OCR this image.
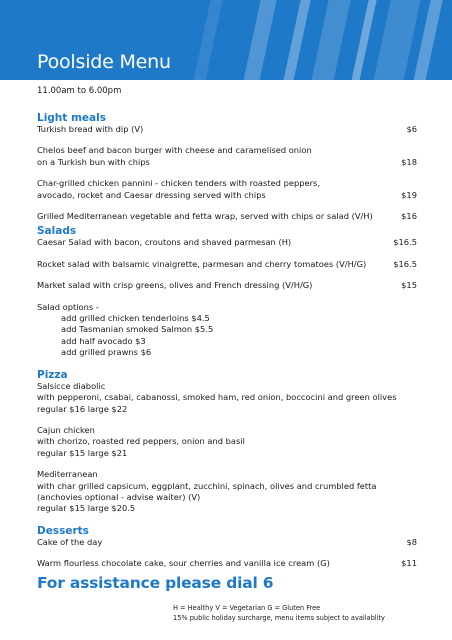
Poolside Menu
11.00am to 6.00pm
Light meals
Turkish bread with dip (V)	$6
Chelos beef and bacon burger with cheese and caramelised onion
on a Turkish bun with chips	$18
Char-grilled chicken pannini - chicken tenders with roasted peppers,
avocado, rocket and Caesar dressing served with chips	$19
Grilled Mediterranean vegetable and fetta wrap, served with chips or salad (V/H)	$16
Salads
Caesar Salad with bacon, croutons and shaved parmesan (H)	$16.5
Rocket salad with balsamic vinaigrette, parmesan and cherry tomatoes (V/H/G)	$16.5
Market salad with crisp greens, olives and French dressing (V/H/G)	$15
Salad options -
add grilled chicken tenderloins $4.5
add Tasmanian smoked Salmon $5.5
add half avocado $3
add grilled prawns $6
Pizza
Salsicce diabolic
with pepperoni, csabai, cabanossi, smoked ham, red onion, boccocini and green olives
regular $16 large $22
Cajun chicken
with chorizo, roasted red peppers, onion and basil
regular $15 large $21
Mediterranean
with char grilled capsicum, eggplant, zucchini, spinach, olives and crumbled fetta
(anchovies optional - advise waiter) (V)
regular $15 large $20.5
Desserts
Cake of the day	$8
Warm flourless chocolate cake, sour cherries and vanilla ice cream (G)	$11
For assistance please dial 6
H = Healthy V = Vegetarian G = Gluten Free
15% public holiday surcharge, menu items subject to availablity
